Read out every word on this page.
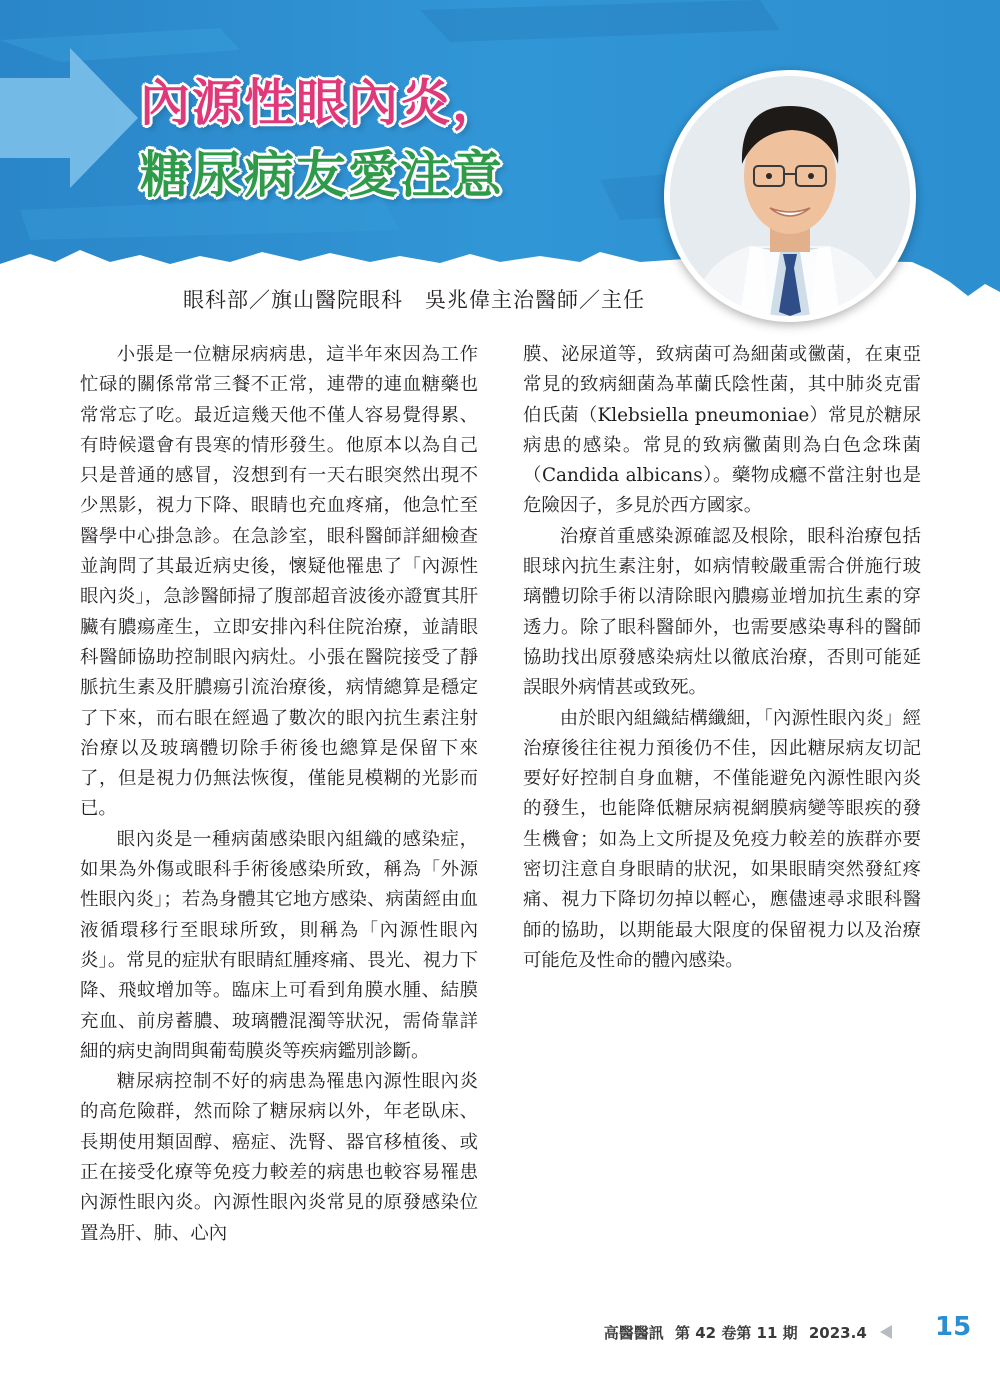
內源性眼內炎，
糖尿病友愛注意
眼科部／旗山醫院眼科　吳兆偉主治醫師／主任

小張是一位糖尿病病患，這半年來因為工作忙碌的關係常常三餐不正常，連帶的連血糖藥也常常忘了吃。最近這幾天他不僅人容易覺得累、有時候還會有畏寒的情形發生。他原本以為自己只是普通的感冒，沒想到有一天右眼突然出現不少黑影，視力下降、眼睛也充血疼痛，他急忙至醫學中心掛急診。在急診室，眼科醫師詳細檢查並詢問了其最近病史後，懷疑他罹患了「內源性眼內炎」，急診醫師掃了腹部超音波後亦證實其肝臟有膿瘍產生，立即安排內科住院治療，並請眼科醫師協助控制眼內病灶。小張在醫院接受了靜脈抗生素及肝膿瘍引流治療後，病情總算是穩定了下來，而右眼在經過了數次的眼內抗生素注射治療以及玻璃體切除手術後也總算是保留下來了，但是視力仍無法恢復，僅能見模糊的光影而已。

眼內炎是一種病菌感染眼內組織的感染症，如果為外傷或眼科手術後感染所致，稱為「外源性眼內炎」；若為身體其它地方感染、病菌經由血液循環移行至眼球所致，則稱為「內源性眼內炎」。常見的症狀有眼睛紅腫疼痛、畏光、視力下降、飛蚊增加等。臨床上可看到角膜水腫、結膜充血、前房蓄膿、玻璃體混濁等狀況，需倚靠詳細的病史詢問與葡萄膜炎等疾病鑑別診斷。

糖尿病控制不好的病患為罹患內源性眼內炎的高危險群，然而除了糖尿病以外，年老臥床、長期使用類固醇、癌症、洗腎、器官移植後、或正在接受化療等免疫力較差的病患也較容易罹患內源性眼內炎。內源性眼內炎常見的原發感染位置為肝、肺、心內

膜、泌尿道等，致病菌可為細菌或黴菌，在東亞常見的致病細菌為革蘭氏陰性菌，其中肺炎克雷伯氏菌（Klebsiella pneumoniae）常見於糖尿病患的感染。常見的致病黴菌則為白色念珠菌（Candida albicans）。藥物成癮不當注射也是危險因子，多見於西方國家。

治療首重感染源確認及根除，眼科治療包括眼球內抗生素注射，如病情較嚴重需合併施行玻璃體切除手術以清除眼內膿瘍並增加抗生素的穿透力。除了眼科醫師外，也需要感染專科的醫師協助找出原發感染病灶以徹底治療，否則可能延誤眼外病情甚或致死。

由於眼內組織結構纖細，「內源性眼內炎」經治療後往往視力預後仍不佳，因此糖尿病友切記要好好控制自身血糖，不僅能避免內源性眼內炎的發生，也能降低糖尿病視網膜病變等眼疾的發生機會；如為上文所提及免疫力較差的族群亦要密切注意自身眼睛的狀況，如果眼睛突然發紅疼痛、視力下降切勿掉以輕心，應儘速尋求眼科醫師的協助，以期能最大限度的保留視力以及治療可能危及性命的體內感染。

高醫醫訊 第 42 卷第 11 期 2023.4	15
